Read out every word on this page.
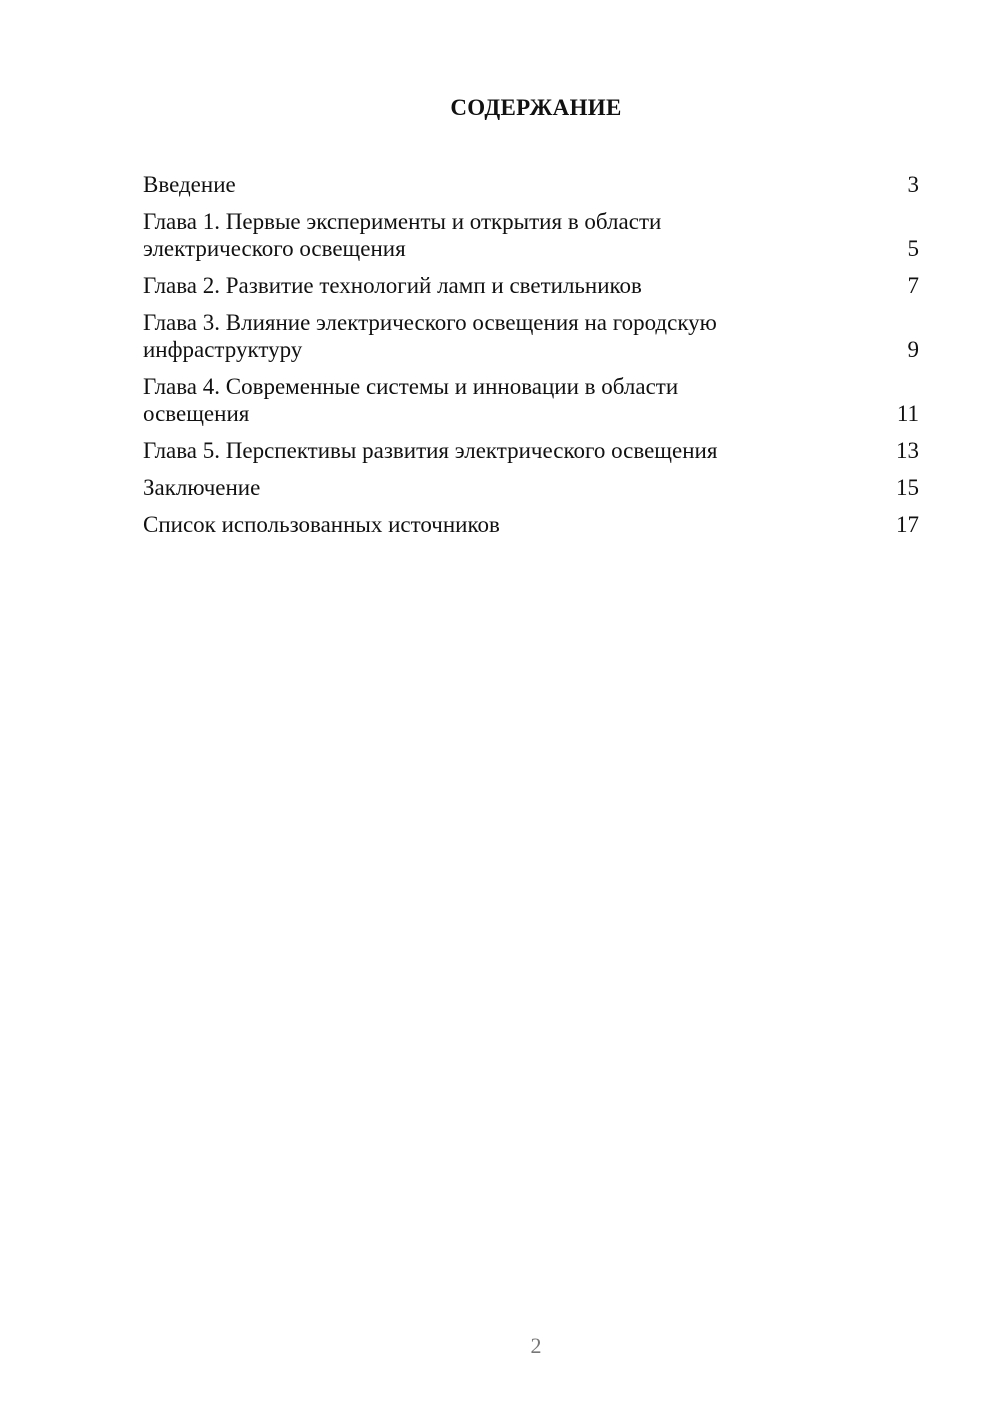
СОДЕРЖАНИЕ
Введение	3
Глава 1. Первые эксперименты и открытия в области
электрического освещения	5
Глава 2. Развитие технологий ламп и светильников	7
Глава 3. Влияние электрического освещения на городскую
инфраструктуру	9
Глава 4. Современные системы и инновации в области
освещения	11
Глава 5. Перспективы развития электрического освещения	13
Заключение	15
Список использованных источников	17
2
